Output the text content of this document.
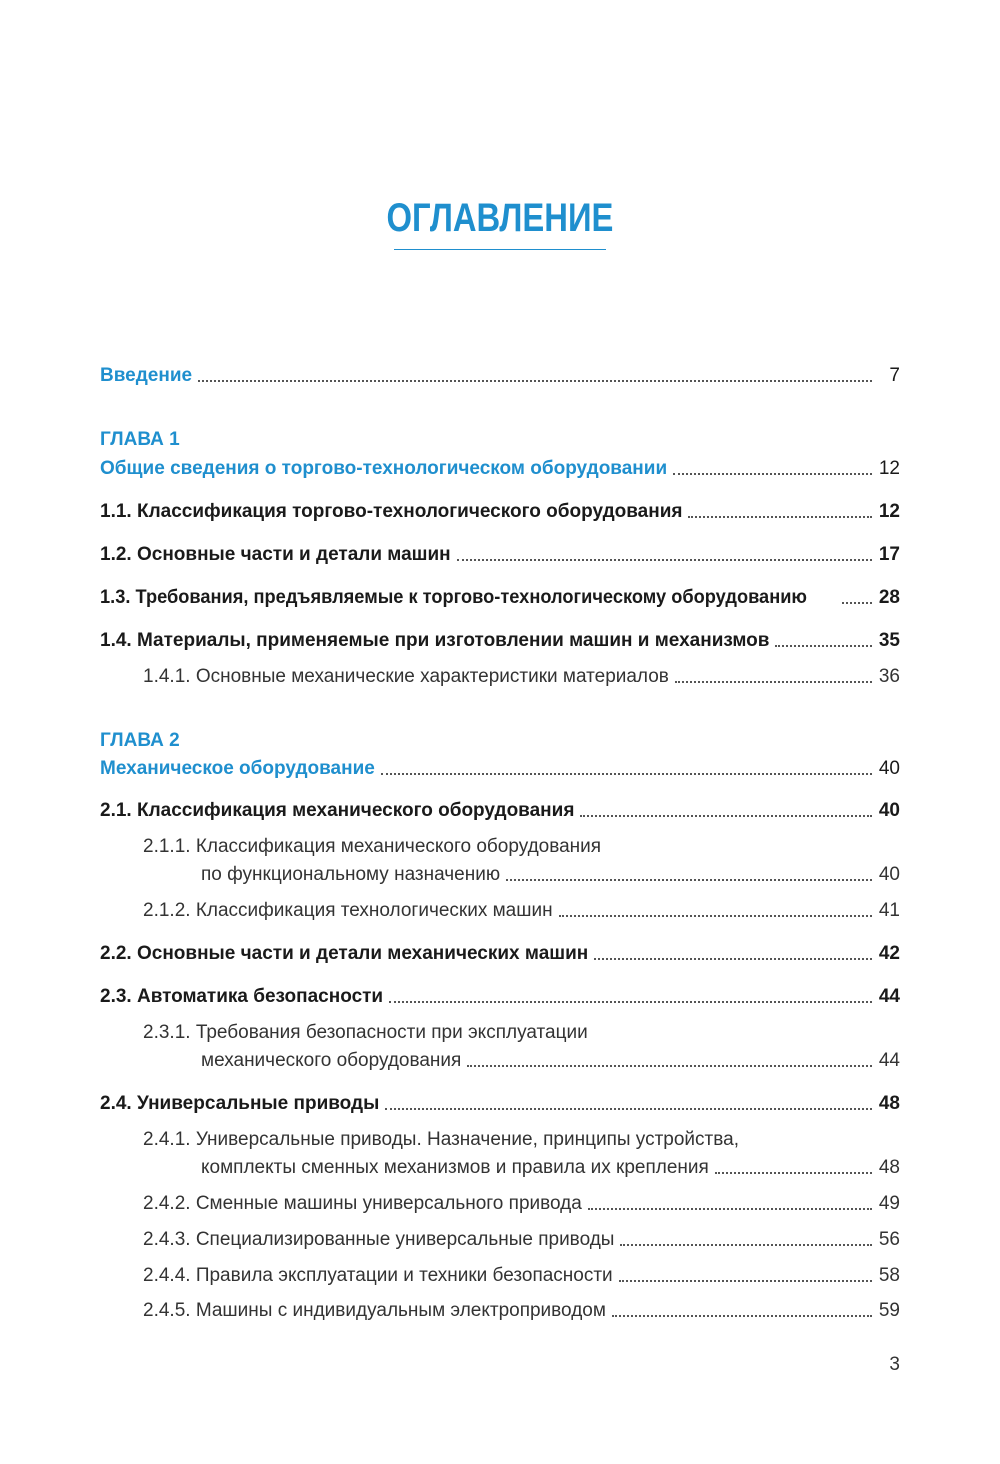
ОГЛАВЛЕНИЕ
Введение	7
ГЛАВА 1
Общие сведения о торгово-технологическом оборудовании	12
1.1. Классификация торгово-технологического оборудования	12
1.2. Основные части и детали машин	17
1.3. Требования, предъявляемые к торгово-технологическому оборудованию	28
1.4. Материалы, применяемые при изготовлении машин и механизмов	35
1.4.1. Основные механические характеристики материалов	36
ГЛАВА 2
Механическое оборудование	40
2.1. Классификация механического оборудования	40
2.1.1. Классификация механического оборудования
по функциональному назначению	40
2.1.2. Классификация технологических машин	41
2.2. Основные части и детали механических машин	42
2.3. Автоматика безопасности	44
2.3.1. Требования безопасности при эксплуатации
механического оборудования	44
2.4. Универсальные приводы	48
2.4.1. Универсальные приводы. Назначение, принципы устройства,
комплекты сменных механизмов и правила их крепления	48
2.4.2. Сменные машины универсального привода	49
2.4.3. Специализированные универсальные приводы	56
2.4.4. Правила эксплуатации и техники безопасности	58
2.4.5. Машины с индивидуальным электроприводом	59
3
